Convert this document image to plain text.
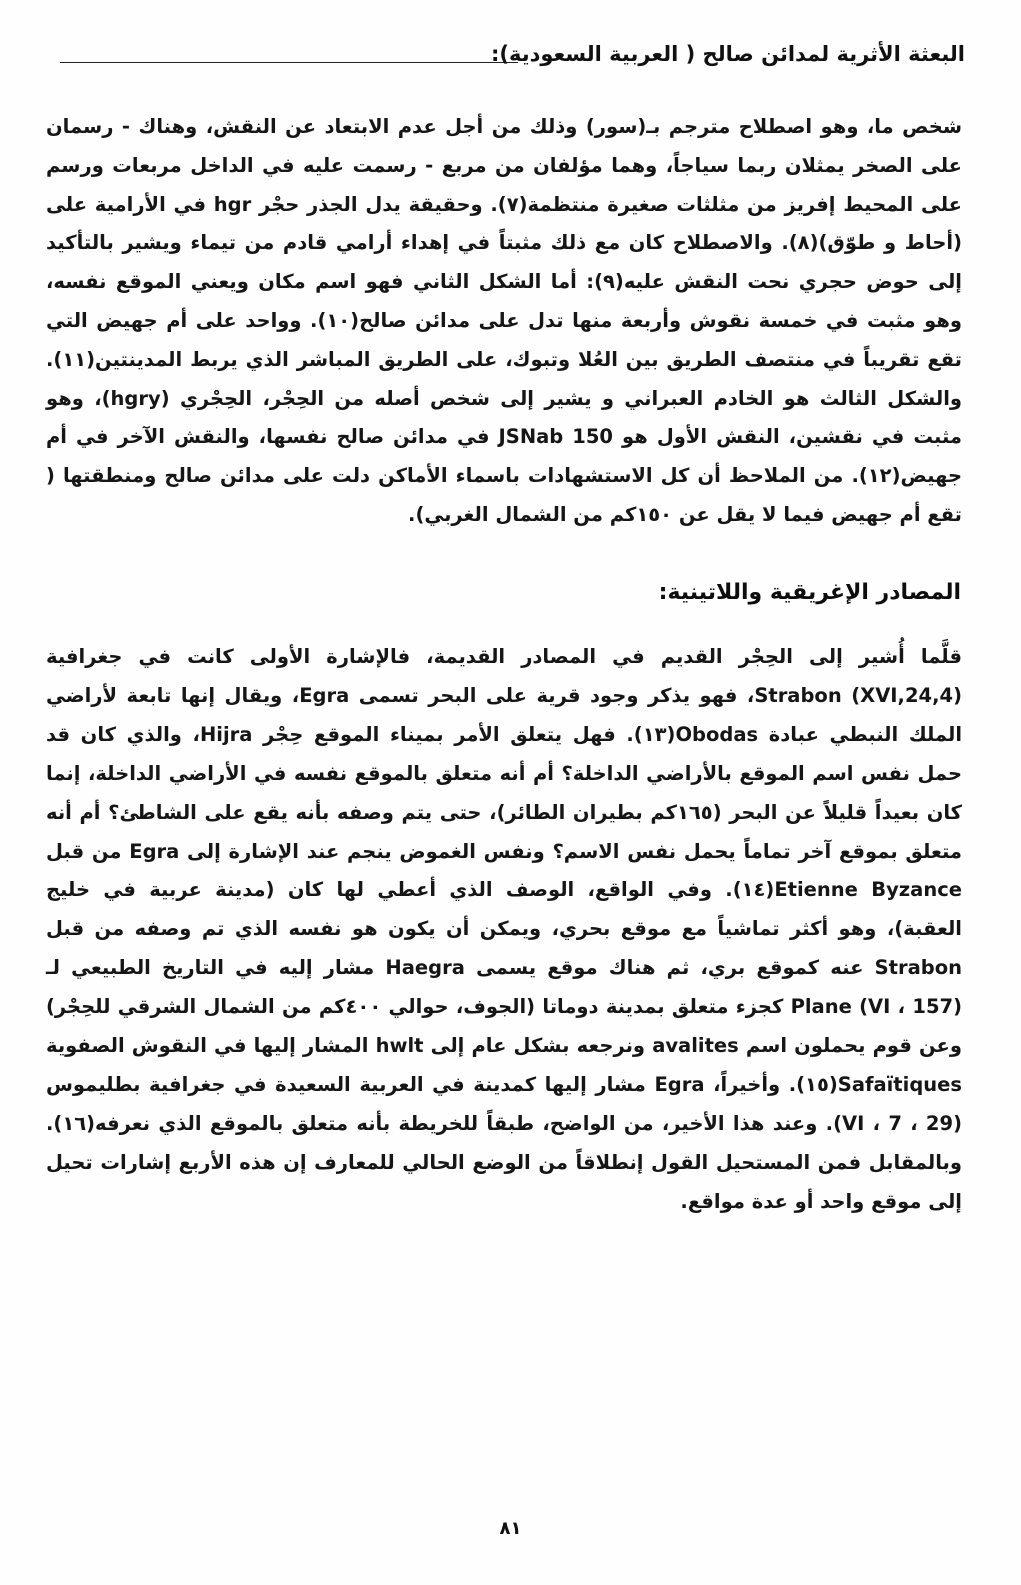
البعثة الأثرية لمدائن صالح ( العربية السعودية):
شخص ما، وهو اصطلاح مترجم بـ(سور) وذلك من أجل عدم الابتعاد عن النقش، وهناك - رسمان على الصخر يمثلان ربما سياجاً، وهما مؤلفان من مربع - رسمت عليه في الداخل مربعات ورسم على المحيط إفريز من مثلثات صغيرة منتظمة(٧). وحقيقة يدل الجذر حجْر hgr في الأرامية على (أحاط و طوّق)(٨). والاصطلاح كان مع ذلك مثبتاً في إهداء أرامي قادم من تيماء ويشير بالتأكيد إلى حوض حجري نحت النقش عليه(٩): أما الشكل الثاني فهو اسم مكان ويعني الموقع نفسه، وهو مثبت في خمسة نقوش وأربعة منها تدل على مدائن صالح(١٠). وواحد على أم جهيض التي تقع تقريباً في منتصف الطريق بين العُلا وتبوك، على الطريق المباشر الذي يربط المدينتين(١١). والشكل الثالث هو الخادم العبراني و يشير إلى شخص أصله من الحِجْر، الحِجْري (hgry)، وهو مثبت في نقشين، النقش الأول هو 150 JSNab في مدائن صالح نفسها، والنقش الآخر في أم جهيض(١٢). من الملاحظ أن كل الاستشهادات باسماء الأماكن دلت على مدائن صالح ومنطقتها ( تقع أم جهيض فيما لا يقل عن ١٥٠كم من الشمال الغربي).
المصادر الإغريقية واللاتينية:
قلَّما أُشير إلى الحِجْر القديم في المصادر القديمة، فالإشارة الأولى كانت في جغرافية (XVI,24,4) Strabon، فهو يذكر وجود قرية على البحر تسمى Egra، ويقال إنها تابعة لأراضي الملك النبطي عبادة Obodas(١٣). فهل يتعلق الأمر بميناء الموقع حِجْر Hijra، والذي كان قد حمل نفس اسم الموقع بالأراضي الداخلة؟ أم أنه متعلق بالموقع نفسه في الأراضي الداخلة، إنما كان بعيداً قليلاً عن البحر (١٦٥كم بطيران الطائر)، حتى يتم وصفه بأنه يقع على الشاطئ؟ أم أنه متعلق بموقع آخر تماماً يحمل نفس الاسم؟ ونفس الغموض ينجم عند الإشارة إلى Egra من قبل Etienne Byzance(١٤). وفي الواقع، الوصف الذي أعطي لها كان (مدينة عربية في خليج العقبة)، وهو أكثر تماشياً مع موقع بحري، ويمكن أن يكون هو نفسه الذي تم وصفه من قبل Strabon عنه كموقع بري، ثم هناك موقع يسمى Haegra مشار إليه في التاريخ الطبيعي لـ Plane (VI ، 157) كجزء متعلق بمدينة دوماتا (الجوف، حوالي ٤٠٠كم من الشمال الشرقي للحِجْر) وعن قوم يحملون اسم avalites ونرجعه بشكل عام إلى hwlt المشار إليها في النقوش الصفوية Safaïtiques(١٥). وأخيراً، Egra مشار إليها كمدينة في العربية السعيدة في جغرافية بطليموس (VI ، 7 ، 29). وعند هذا الأخير، من الواضح، طبقاً للخريطة بأنه متعلق بالموقع الذي نعرفه(١٦). وبالمقابل فمن المستحيل القول إنطلاقاً من الوضع الحالي للمعارف إن هذه الأربع إشارات تحيل إلى موقع واحد أو عدة مواقع.
٨١
